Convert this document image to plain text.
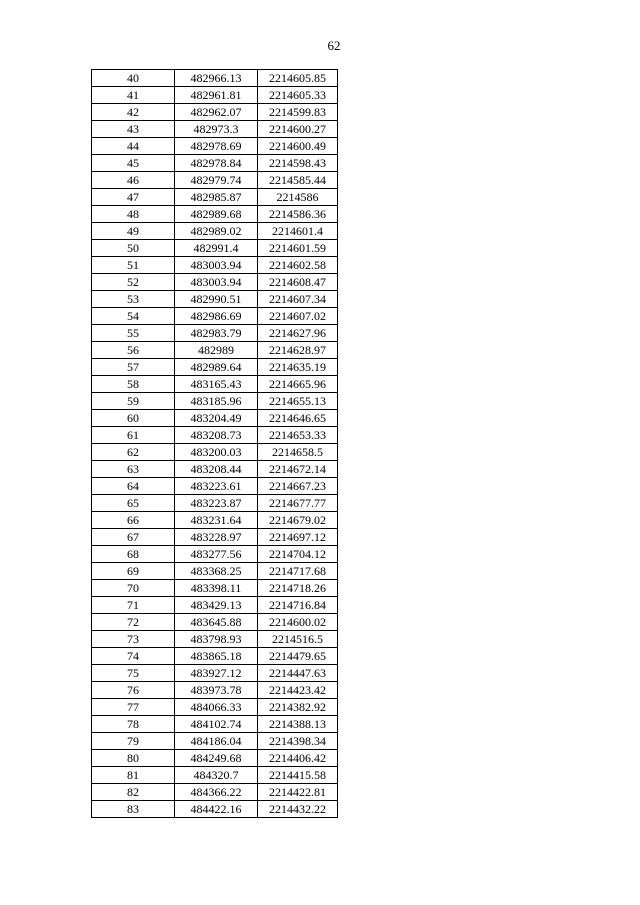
62
40	482966.13	2214605.85
41	482961.81	2214605.33
42	482962.07	2214599.83
43	482973.3	2214600.27
44	482978.69	2214600.49
45	482978.84	2214598.43
46	482979.74	2214585.44
47	482985.87	2214586
48	482989.68	2214586.36
49	482989.02	2214601.4
50	482991.4	2214601.59
51	483003.94	2214602.58
52	483003.94	2214608.47
53	482990.51	2214607.34
54	482986.69	2214607.02
55	482983.79	2214627.96
56	482989	2214628.97
57	482989.64	2214635.19
58	483165.43	2214665.96
59	483185.96	2214655.13
60	483204.49	2214646.65
61	483208.73	2214653.33
62	483200.03	2214658.5
63	483208.44	2214672.14
64	483223.61	2214667.23
65	483223.87	2214677.77
66	483231.64	2214679.02
67	483228.97	2214697.12
68	483277.56	2214704.12
69	483368.25	2214717.68
70	483398.11	2214718.26
71	483429.13	2214716.84
72	483645.88	2214600.02
73	483798.93	2214516.5
74	483865.18	2214479.65
75	483927.12	2214447.63
76	483973.78	2214423.42
77	484066.33	2214382.92
78	484102.74	2214388.13
79	484186.04	2214398.34
80	484249.68	2214406.42
81	484320.7	2214415.58
82	484366.22	2214422.81
83	484422.16	2214432.22
